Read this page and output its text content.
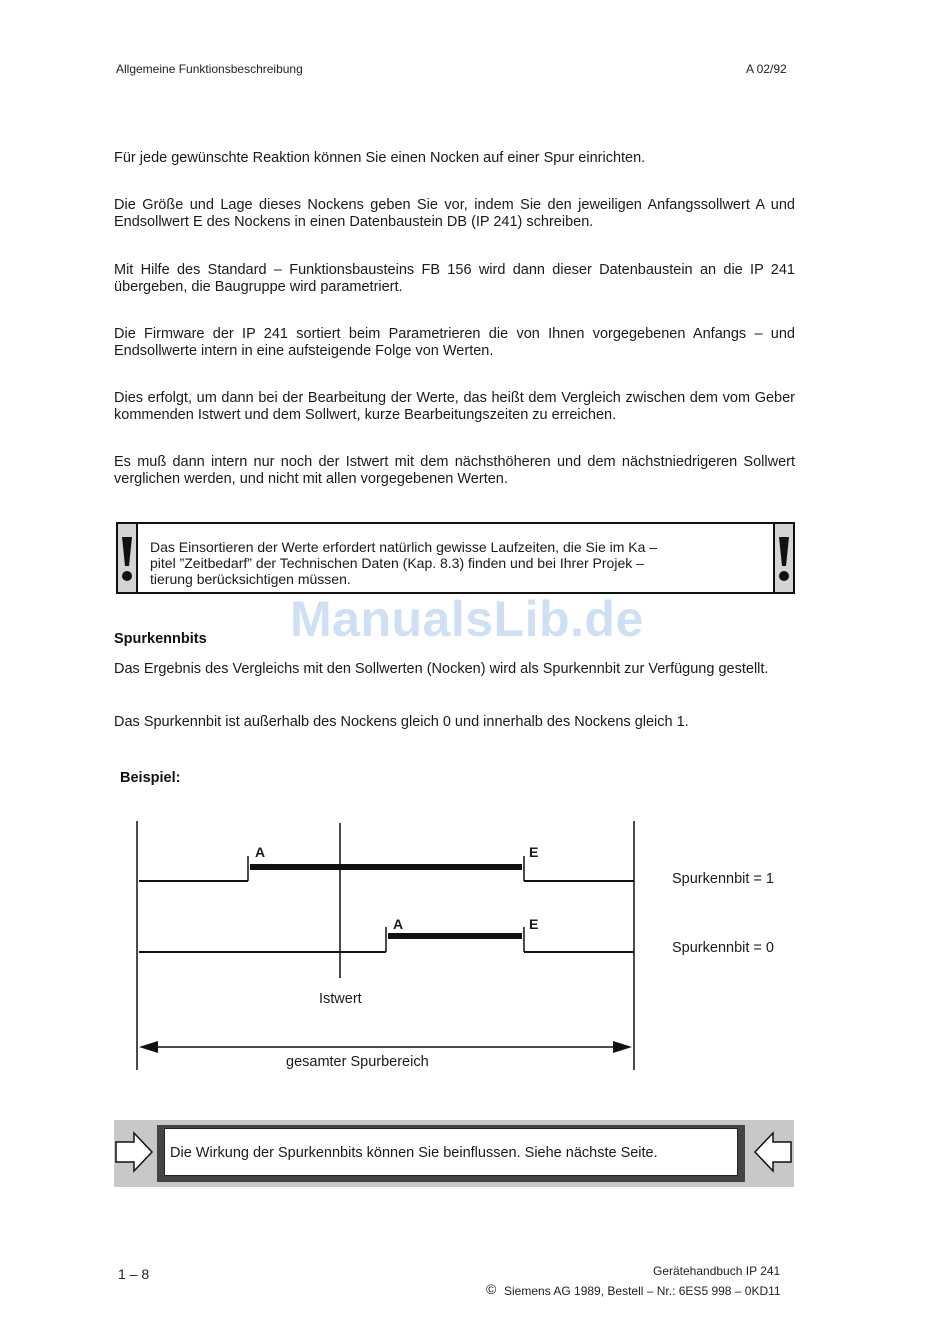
Allgemeine Funktionsbeschreibung	A 02/92
Für jede gewünschte Reaktion können Sie einen Nocken auf einer Spur einrichten.
Die Größe und Lage dieses Nockens geben Sie vor, indem Sie den jeweiligen Anfangssollwert A und Endsollwert E des Nockens in einen Datenbaustein DB (IP 241) schreiben.
Mit Hilfe des Standard – Funktionsbausteins FB 156 wird dann dieser Datenbaustein an die IP 241 übergeben, die Baugruppe wird parametriert.
Die Firmware der IP 241 sortiert beim Parametrieren die von Ihnen vorgegebenen Anfangs – und Endsollwerte intern in eine aufsteigende Folge von Werten.
Dies erfolgt, um dann bei der Bearbeitung der Werte, das heißt dem Vergleich zwischen dem vom Geber kommenden Istwert und dem Sollwert, kurze Bearbeitungszeiten zu erreichen.
Es muß dann intern nur noch der Istwert mit dem nächsthöheren und dem nächstniedrigeren Sollwert verglichen werden, und nicht mit allen vorgegebenen Werten.
Das Einsortieren der Werte erfordert natürlich gewisse Laufzeiten, die Sie im Ka –
pitel ”Zeitbedarf” der Technischen Daten (Kap. 8.3) finden und bei Ihrer Projek –
tierung berücksichtigen müssen.
ManualsLib.de
Spurkennbits
Das Ergebnis des Vergleichs mit den Sollwerten (Nocken) wird als Spurkennbit zur Verfügung gestellt.
Das Spurkennbit ist außerhalb des Nockens gleich 0 und innerhalb des Nockens gleich 1.
Beispiel:
A	E
A	E
Spurkennbit = 1
Spurkennbit = 0
Istwert
gesamter Spurbereich
Die Wirkung der Spurkennbits können Sie beinflussen. Siehe nächste Seite.
1 – 8	Gerätehandbuch IP 241
© Siemens AG 1989, Bestell – Nr.: 6ES5 998 – 0KD11
